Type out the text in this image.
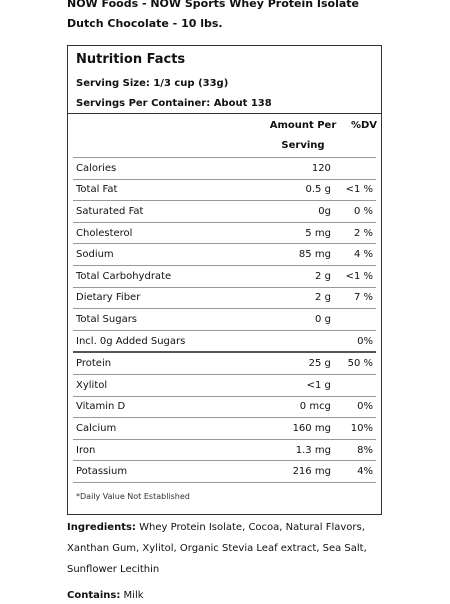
NOW Foods - NOW Sports Whey Protein Isolate Dutch Chocolate - 10 lbs.

Nutrition Facts
Serving Size: 1/3 cup (33g)
Servings Per Container: About 138
Amount Per Serving
%DV
Calories	120	
Total Fat	0.5 g	<1 %
Saturated Fat	0g	0 %
Cholesterol	5 mg	2 %
Sodium	85 mg	4 %
Total Carbohydrate	2 g	<1 %
Dietary Fiber	2 g	7 %
Total Sugars	0 g	
Incl. 0g Added Sugars		0%
Protein	25 g	50 %
Xylitol	<1 g	
Vitamin D	0 mcg	0%
Calcium	160 mg	10%
Iron	1.3 mg	8%
Potassium	216 mg	4%
*Daily Value Not Established

Ingredients: Whey Protein Isolate, Cocoa, Natural Flavors, Xanthan Gum, Xylitol, Organic Stevia Leaf extract, Sea Salt, Sunflower Lecithin

Contains: Milk
